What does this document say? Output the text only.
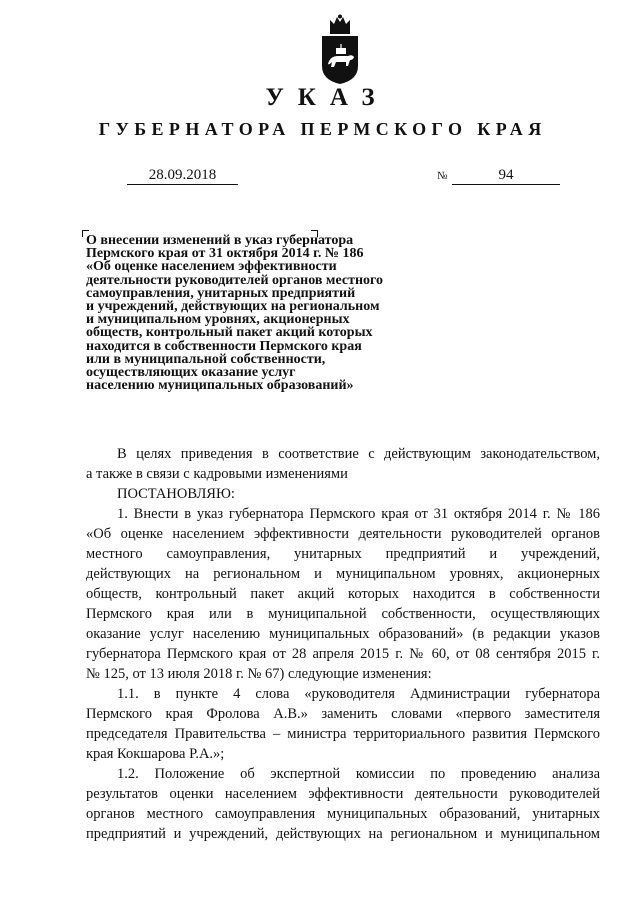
УКАЗ
ГУБЕРНАТОРА ПЕРМСКОГО КРАЯ
28.09.2018	№	94
О внесении изменений в указ губернатора
Пермского края от 31 октября 2014 г. № 186
«Об оценке населением эффективности
деятельности руководителей органов местного
самоуправления, унитарных предприятий
и учреждений, действующих на региональном
и муниципальном уровнях, акционерных
обществ, контрольный пакет акций которых
находится в собственности Пермского края
или в муниципальной собственности,
осуществляющих оказание услуг
населению муниципальных образований»
В целях приведения в соответствие с действующим законодательством,
а также в связи с кадровыми изменениями
ПОСТАНОВЛЯЮ:
1. Внести в указ губернатора Пермского края от 31 октября 2014 г. № 186
«Об оценке населением эффективности деятельности руководителей органов
местного самоуправления, унитарных предприятий и учреждений,
действующих на региональном и муниципальном уровнях, акционерных
обществ, контрольный пакет акций которых находится в собственности
Пермского края или в муниципальной собственности, осуществляющих
оказание услуг населению муниципальных образований» (в редакции указов
губернатора Пермского края от 28 апреля 2015 г. № 60, от 08 сентября 2015 г.
№ 125, от 13 июля 2018 г. № 67) следующие изменения:
1.1. в пункте 4 слова «руководителя Администрации губернатора
Пермского края Фролова А.В.» заменить словами «первого заместителя
председателя Правительства – министра территориального развития Пермского
края Кокшарова Р.А.»;
1.2. Положение об экспертной комиссии по проведению анализа
результатов оценки населением эффективности деятельности руководителей
органов местного самоуправления муниципальных образований, унитарных
предприятий и учреждений, действующих на региональном и муниципальном
